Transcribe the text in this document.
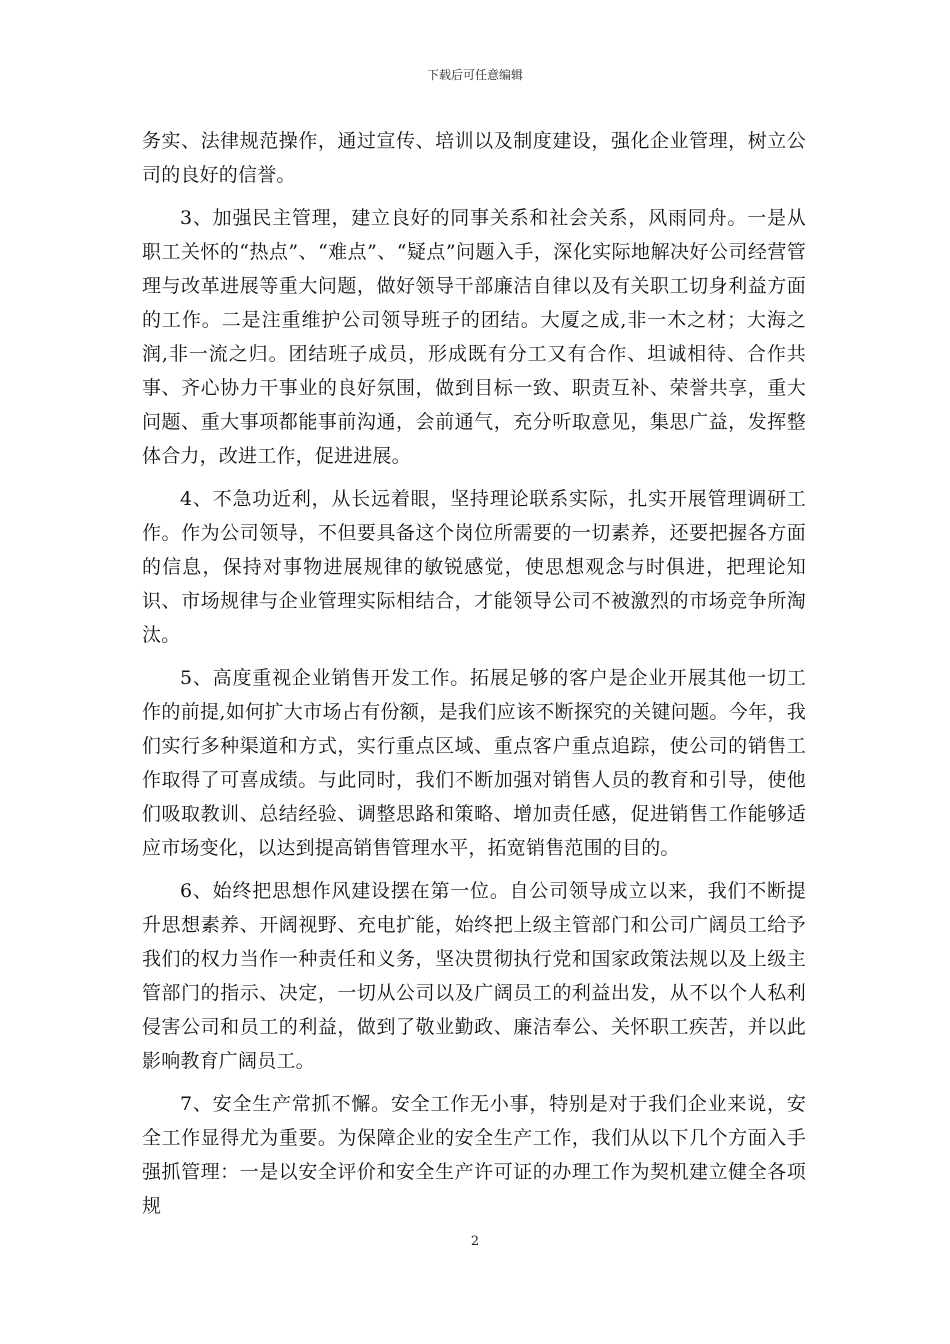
下载后可任意编辑

务实、法律规范操作，通过宣传、培训以及制度建设，强化企业管理，树立公司的良好的信誉。

3、加强民主管理，建立良好的同事关系和社会关系，风雨同舟。一是从职工关怀的“热点”、“难点”、“疑点”问题入手，深化实际地解决好公司经营管理与改革进展等重大问题，做好领导干部廉洁自律以及有关职工切身利益方面的工作。二是注重维护公司领导班子的团结。大厦之成,非一木之材；大海之润,非一流之归。团结班子成员，形成既有分工又有合作、坦诚相待、合作共事、齐心协力干事业的良好氛围，做到目标一致、职责互补、荣誉共享，重大问题、重大事项都能事前沟通，会前通气，充分听取意见，集思广益，发挥整体合力，改进工作，促进进展。

4、不急功近利，从长远着眼，坚持理论联系实际，扎实开展管理调研工作。作为公司领导，不但要具备这个岗位所需要的一切素养，还要把握各方面的信息，保持对事物进展规律的敏锐感觉，使思想观念与时俱进，把理论知识、市场规律与企业管理实际相结合，才能领导公司不被激烈的市场竞争所淘汰。

5、高度重视企业销售开发工作。拓展足够的客户是企业开展其他一切工作的前提,如何扩大市场占有份额，是我们应该不断探究的关键问题。今年，我们实行多种渠道和方式，实行重点区域、重点客户重点追踪，使公司的销售工作取得了可喜成绩。与此同时，我们不断加强对销售人员的教育和引导，使他们吸取教训、总结经验、调整思路和策略、增加责任感，促进销售工作能够适应市场变化，以达到提高销售管理水平，拓宽销售范围的目的。

6、始终把思想作风建设摆在第一位。自公司领导成立以来，我们不断提升思想素养、开阔视野、充电扩能，始终把上级主管部门和公司广阔员工给予我们的权力当作一种责任和义务，坚决贯彻执行党和国家政策法规以及上级主管部门的指示、决定，一切从公司以及广阔员工的利益出发，从不以个人私利侵害公司和员工的利益，做到了敬业勤政、廉洁奉公、关怀职工疾苦，并以此影响教育广阔员工。

7、安全生产常抓不懈。安全工作无小事，特别是对于我们企业来说，安全工作显得尤为重要。为保障企业的安全生产工作，我们从以下几个方面入手强抓管理：一是以安全评价和安全生产许可证的办理工作为契机建立健全各项规

2
